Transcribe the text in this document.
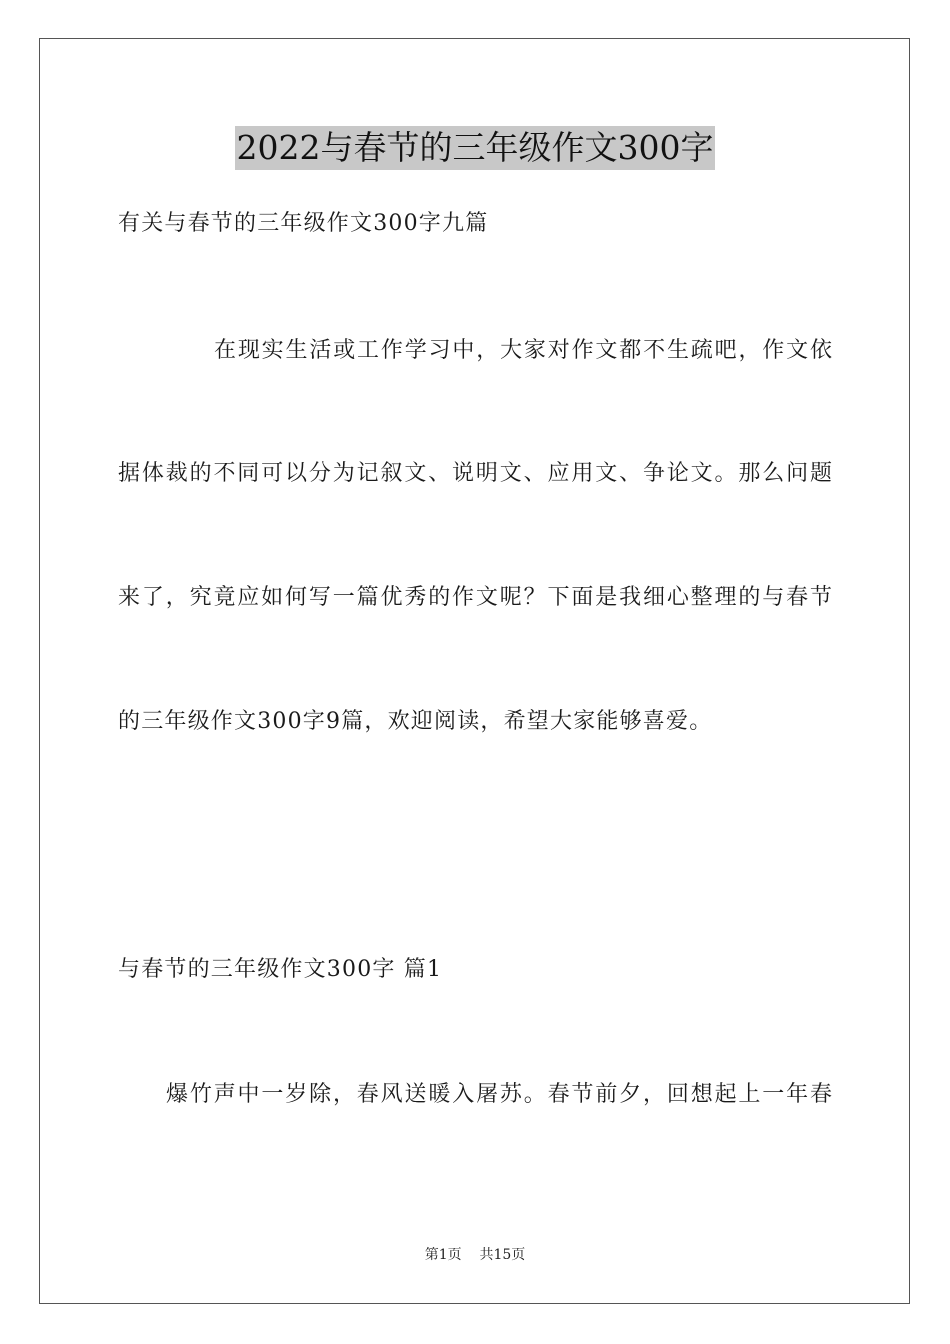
2022与春节的三年级作文300字
有关与春节的三年级作文300字九篇
在现实生活或工作学习中，大家对作文都不生疏吧，作文依
据体裁的不同可以分为记叙文、说明文、应用文、争论文。那么问题
来了，究竟应如何写一篇优秀的作文呢？下面是我细心整理的与春节
的三年级作文300字9篇，欢迎阅读，希望大家能够喜爱。
与春节的三年级作文300字 篇1
爆竹声中一岁除，春风送暖入屠苏。春节前夕，回想起上一年春
第1页 共15页
